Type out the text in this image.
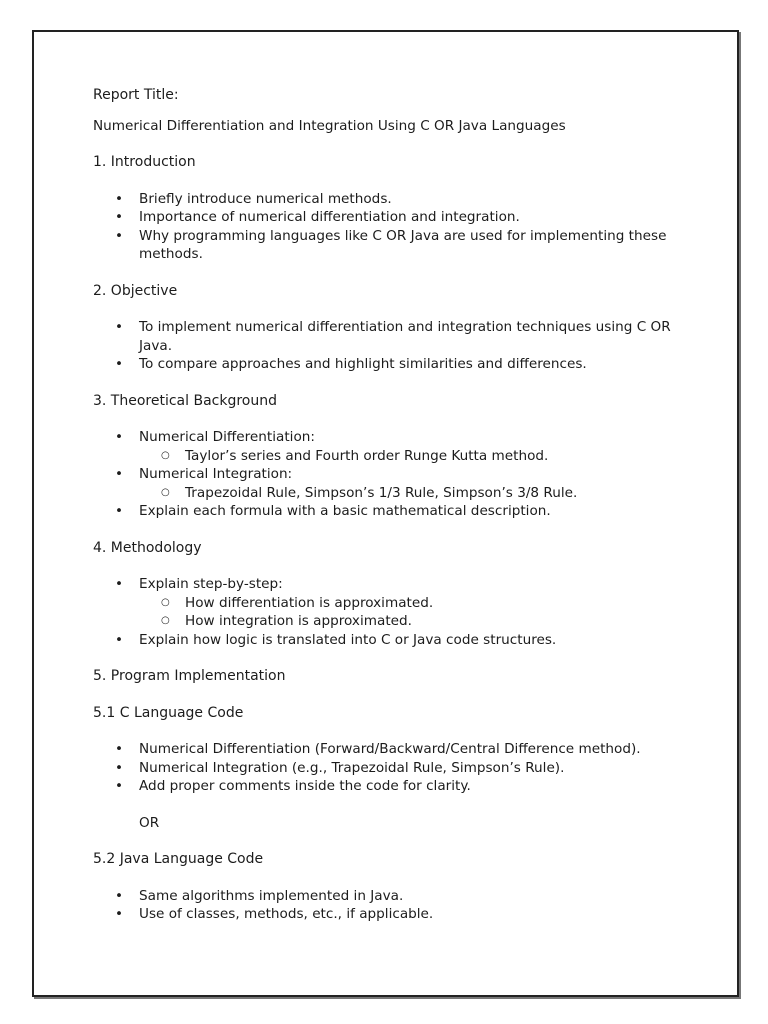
Report Title:

Numerical Differentiation and Integration Using C OR Java Languages

1. Introduction

• Briefly introduce numerical methods.
• Importance of numerical differentiation and integration.
• Why programming languages like C OR Java are used for implementing these methods.

2. Objective

• To implement numerical differentiation and integration techniques using C OR Java.
• To compare approaches and highlight similarities and differences.

3. Theoretical Background

• Numerical Differentiation:
○ Taylor’s series and Fourth order Runge Kutta method.
• Numerical Integration:
○ Trapezoidal Rule, Simpson’s 1/3 Rule, Simpson’s 3/8 Rule.
• Explain each formula with a basic mathematical description.

4. Methodology

• Explain step-by-step:
○ How differentiation is approximated.
○ How integration is approximated.
• Explain how logic is translated into C or Java code structures.

5. Program Implementation

5.1 C Language Code

• Numerical Differentiation (Forward/Backward/Central Difference method).
• Numerical Integration (e.g., Trapezoidal Rule, Simpson’s Rule).
• Add proper comments inside the code for clarity.

OR

5.2 Java Language Code

• Same algorithms implemented in Java.
• Use of classes, methods, etc., if applicable.
